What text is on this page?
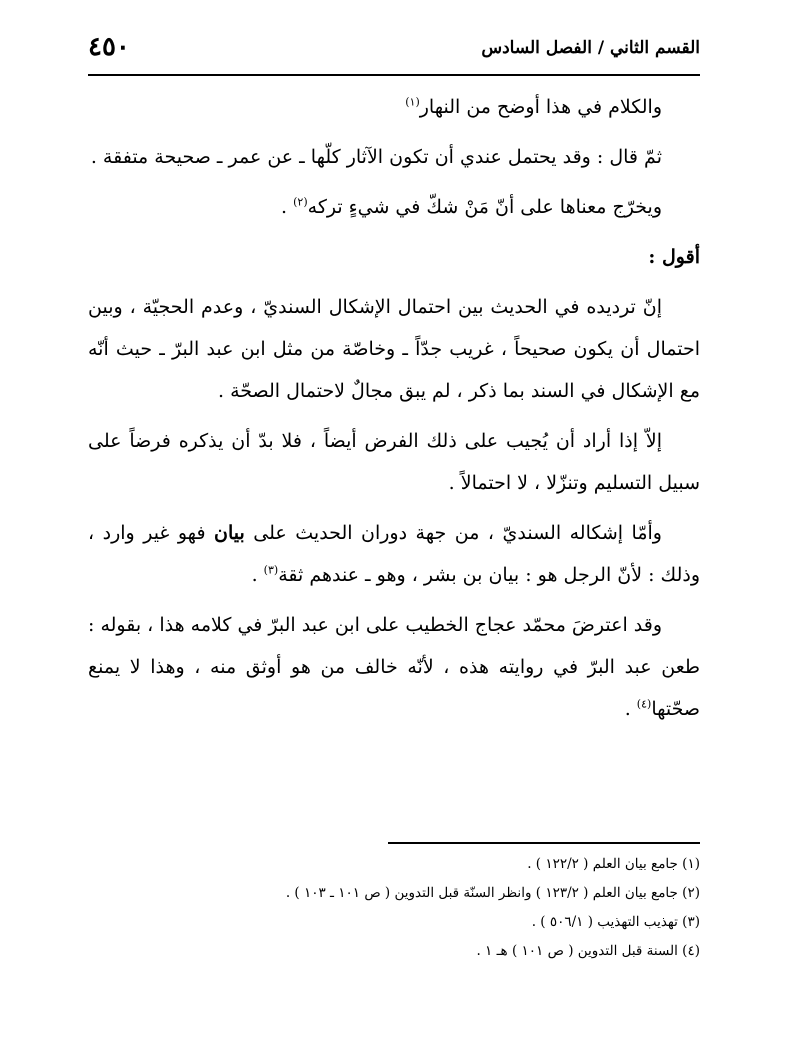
٤٥٠	القسم الثاني / الفصل السادس

والكلام في هذا أوضح من النهار$^{(١)}$

ثمّ قال : وقد يحتمل عندي أن تكون الآثار كلّها ـ عن عمر ـ صحيحة متفقة .

ويخرّج معناها على أنّ مَنْ شكّ في شيءٍ تركه$^{(٢)}$ .

أقول :

إنّ ترديده في الحديث بين احتمال الإشكال السنديّ ، وعدم الحجيّة ، وبين احتمال أن يكون صحيحاً ، غريب جدّاً ـ وخاصّة من مثل ابن عبد البرّ ـ حيث أنّه مع الإشكال في السند بما ذكر ، لم يبق مجالٌ لاحتمال الصحّة .

إلاّ إذا أراد أن يُجيب على ذلك الفرض أيضاً ، فلا بدّ أن يذكره فرضاً على سبيل التسليم وتنزّلا ، لا احتمالاً .

وأمّا إشكاله السنديّ ، من جهة دوران الحديث على بيان فهو غير وارد ، وذلك : لأنّ الرجل هو : بيان بن بشر ، وهو ـ عندهم ثقة$^{(٣)}$ .

وقد اعترضَ محمّد عجاج الخطيب على ابن عبد البرّ في كلامه هذا ، بقوله : طعن عبد البرّ في روايته هذه ، لأنّه خالف من هو أوثق منه ، وهذا لا يمنع صحّتها$^{(٤)}$ .

(١) جامع بيان العلم ( ١٢٢/٢ ) .
(٢) جامع بيان العلم ( ١٢٣/٢ ) وانظر السنّة قبل التدوين ( ص ١٠١ ـ ١٠٣ ) .
(٣) تهذيب التهذيب ( ٥٠٦/١ ) .
(٤) السنة قبل التدوين ( ص ١٠١ ) هـ ١ .
